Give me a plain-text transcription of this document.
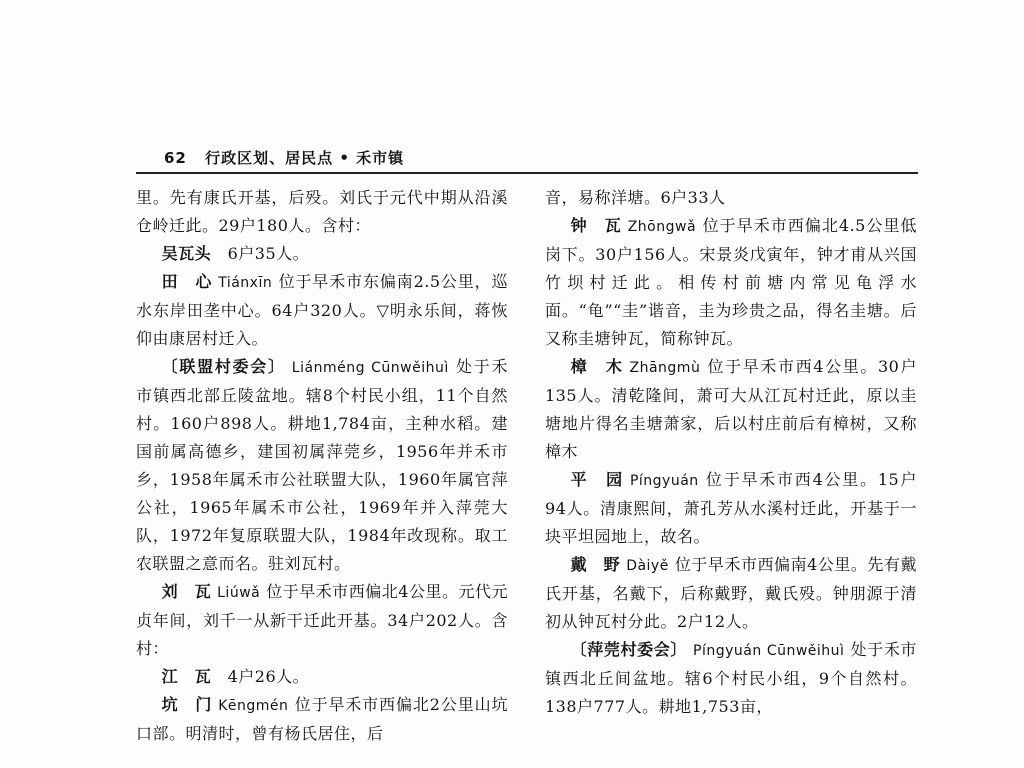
62 行政区划、居民点 • 禾市镇

里。先有康氏开基，后殁。刘氏于元代中期从沿溪仓岭迁此。29户180人。含村：

吴瓦头　 6户35人。

田　心 Tiánxīn 位于早禾市东偏南2.5公里，巡水东岸田垄中心。64户320人。▽明永乐间，蒋恢仰由康居村迁入。

〔联盟村委会〕 Liánméng Cūnwěihuì 处于禾市镇西北部丘陵盆地。辖8个村民小组，11个自然村。160户898人。耕地1,784亩，主种水稻。建国前属高德乡，建国初属萍莞乡，1956年并禾市乡，1958年属禾市公社联盟大队，1960年属官萍公社，1965年属禾市公社，1969年并入萍莞大队，1972年复原联盟大队，1984年改现称。取工农联盟之意而名。驻刘瓦村。

刘　瓦 Liúwǎ 位于早禾市西偏北4公里。元代元贞年间，刘千一从新干迁此开基。34户202人。含村：

江　瓦　 4户26人。

坑　门 Kēngmén 位于早禾市西偏北2公里山坑口部。明清时，曾有杨氏居住，后

音，易称洋塘。6户33人

钟　瓦 Zhōngwǎ 位于早禾市西偏北4.5公里低岗下。30户156人。宋景炎戊寅年，钟才甫从兴国竹坝村迁此。相传村前塘内常见龟浮水面。“龟”“圭”谐音，圭为珍贵之品，得名圭塘。后又称圭塘钟瓦，简称钟瓦。

樟　木 Zhāngmù 位于早禾市西4公里。30户135人。清乾隆间，萧可大从江瓦村迁此，原以圭塘地片得名圭塘萧家，后以村庄前后有樟树，又称樟木

平　园 Píngyuán 位于早禾市西4公里。15户94人。清康熙间，萧孔芳从水溪村迁此，开基于一块平坦园地上，故名。

戴　野 Dàiyě 位于早禾市西偏南4公里。先有戴氏开基，名戴下，后称戴野，戴氏殁。钟朋源于清初从钟瓦村分此。2户12人。

〔萍莞村委会〕 Píngyuán Cūnwěihuì 处于禾市镇西北丘间盆地。辖6个村民小组，9个自然村。138户777人。耕地1,753亩，
